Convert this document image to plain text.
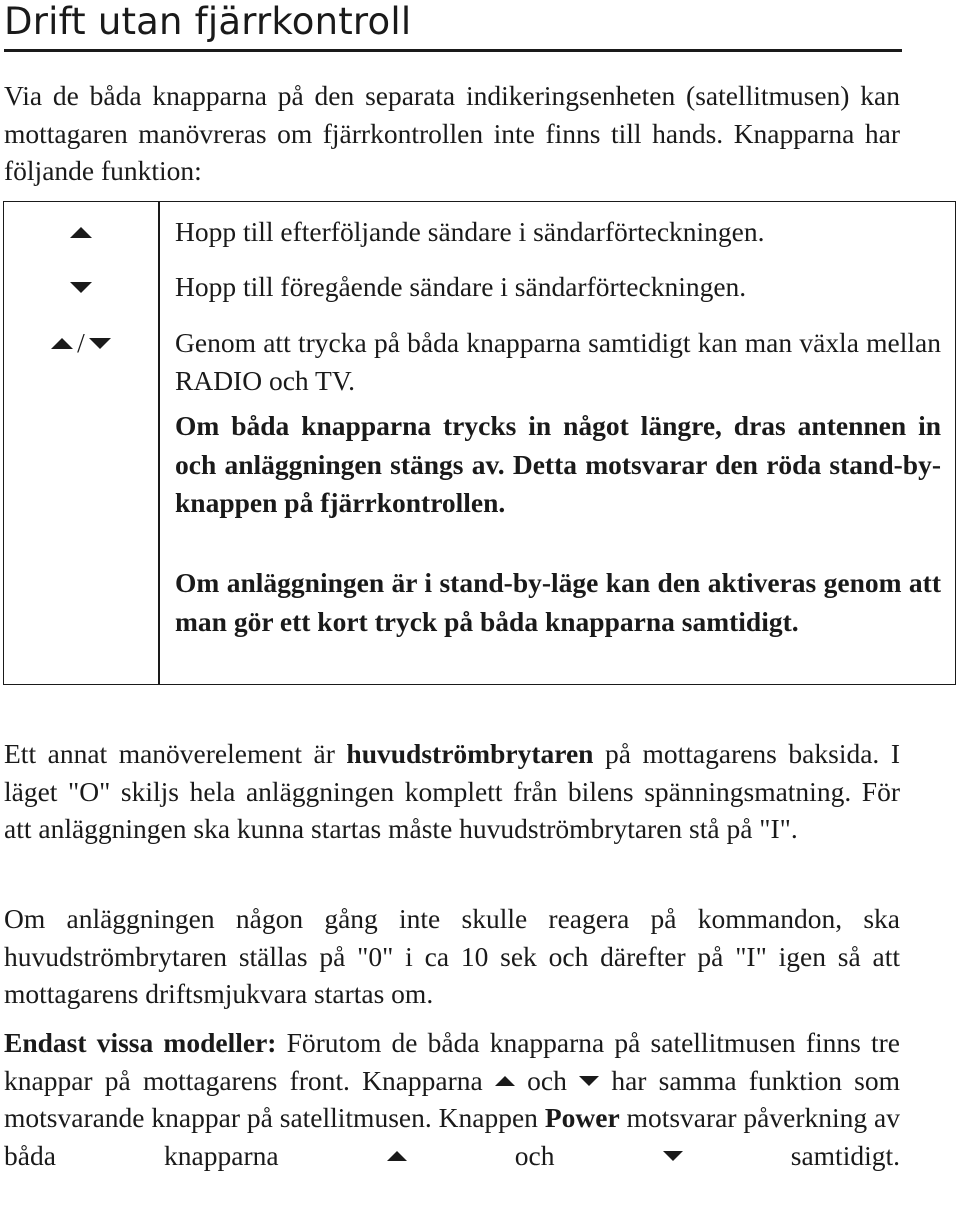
Drift utan fjärrkontroll

Via de båda knapparna på den separata indikeringsenheten (satellitmusen) kan mottagaren manövreras om fjärrkontrollen inte finns till hands. Knapparna har följande funktion:

Hopp till efterföljande sändare i sändarförteckningen.

Hopp till föregående sändare i sändarförteckningen.

/	Genom att trycka på båda knapparna samtidigt kan man växla mellan RADIO och TV.

Om båda knapparna trycks in något längre, dras antennen in och anläggningen stängs av. Detta motsvarar den röda stand-by-knappen på fjärrkontrollen.

Om anläggningen är i stand-by-läge kan den aktiveras genom att man gör ett kort tryck på båda knapparna samtidigt.

Ett annat manöverelement är huvudströmbrytaren på mottagarens baksida. I läget "O" skiljs hela anläggningen komplett från bilens spänningsmatning. För att anläggningen ska kunna startas måste huvudströmbrytaren stå på "I".

Om anläggningen någon gång inte skulle reagera på kommandon, ska huvudströmbrytaren ställas på "0" i ca 10 sek och därefter på "I" igen så att mottagarens driftsmjukvara startas om.

Endast vissa modeller: Förutom de båda knapparna på satellitmusen finns tre knappar på mottagarens front. Knapparna  och  har samma funktion som motsvarande knappar på satellitmusen. Knappen Power motsvarar påverkning av båda knapparna  och  samtidigt.
